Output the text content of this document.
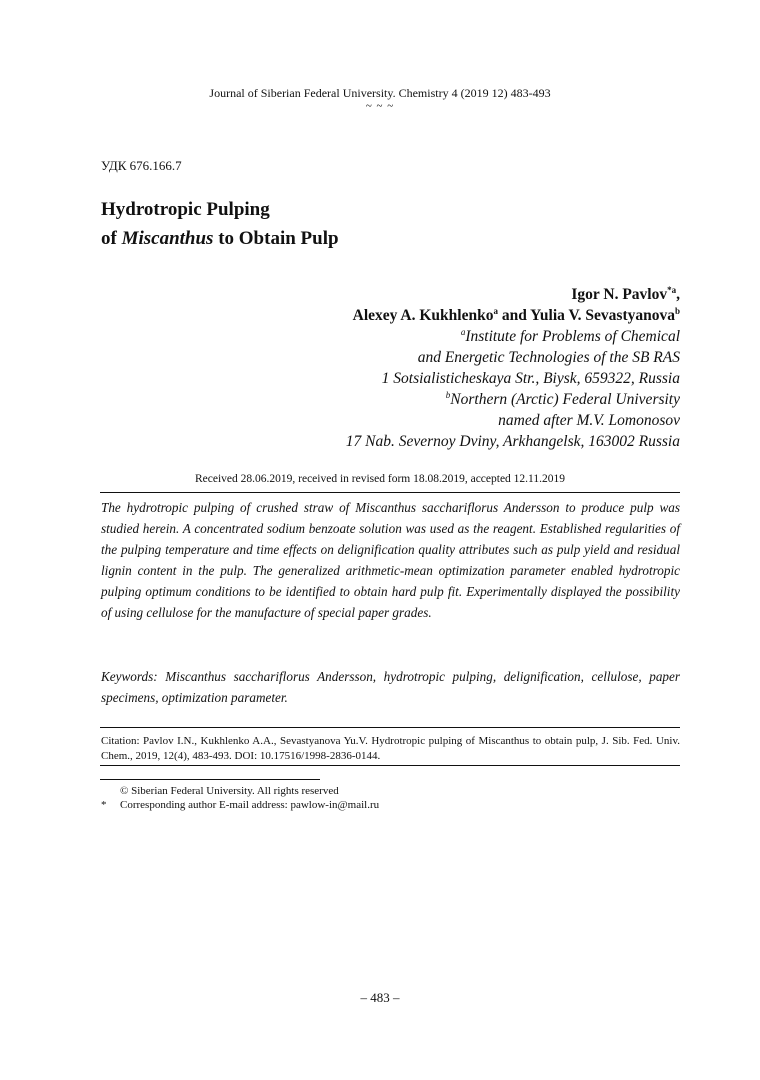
Journal of Siberian Federal University. Chemistry 4 (2019 12) 483-493
~ ~ ~
УДК 676.166.7
Hydrotropic Pulping
of Miscanthus to Obtain Pulp
Igor N. Pavlov$^{*a}$,
Alexey A. Kukhlenko$^a$ and Yulia V. Sevastyanova$^b$
$^a$Institute for Problems of Chemical
and Energetic Technologies of the SB RAS
1 Sotsialisticheskaya Str., Biysk, 659322, Russia
$^b$Northern (Arctic) Federal University
named after M.V. Lomonosov
17 Nab. Severnoy Dviny, Arkhangelsk, 163002 Russia
Received 28.06.2019, received in revised form 18.08.2019, accepted 12.11.2019
The hydrotropic pulping of crushed straw of Miscanthus sacchariflorus Andersson to produce pulp was studied herein. A concentrated sodium benzoate solution was used as the reagent. Established regularities of the pulping temperature and time effects on delignification quality attributes such as pulp yield and residual lignin content in the pulp. The generalized arithmetic-mean optimization parameter enabled hydrotropic pulping optimum conditions to be identified to obtain hard pulp fit. Experimentally displayed the possibility of using cellulose for the manufacture of special paper grades.
Keywords: Miscanthus sacchariflorus Andersson, hydrotropic pulping, delignification, cellulose, paper specimens, optimization parameter.
Citation: Pavlov I.N., Kukhlenko A.A., Sevastyanova Yu.V. Hydrotropic pulping of Miscanthus to obtain pulp, J. Sib. Fed. Univ. Chem., 2019, 12(4), 483-493. DOI: 10.17516/1998-2836-0144.
© Siberian Federal University. All rights reserved
*	Corresponding author E-mail address: pawlow-in@mail.ru
– 483 –
